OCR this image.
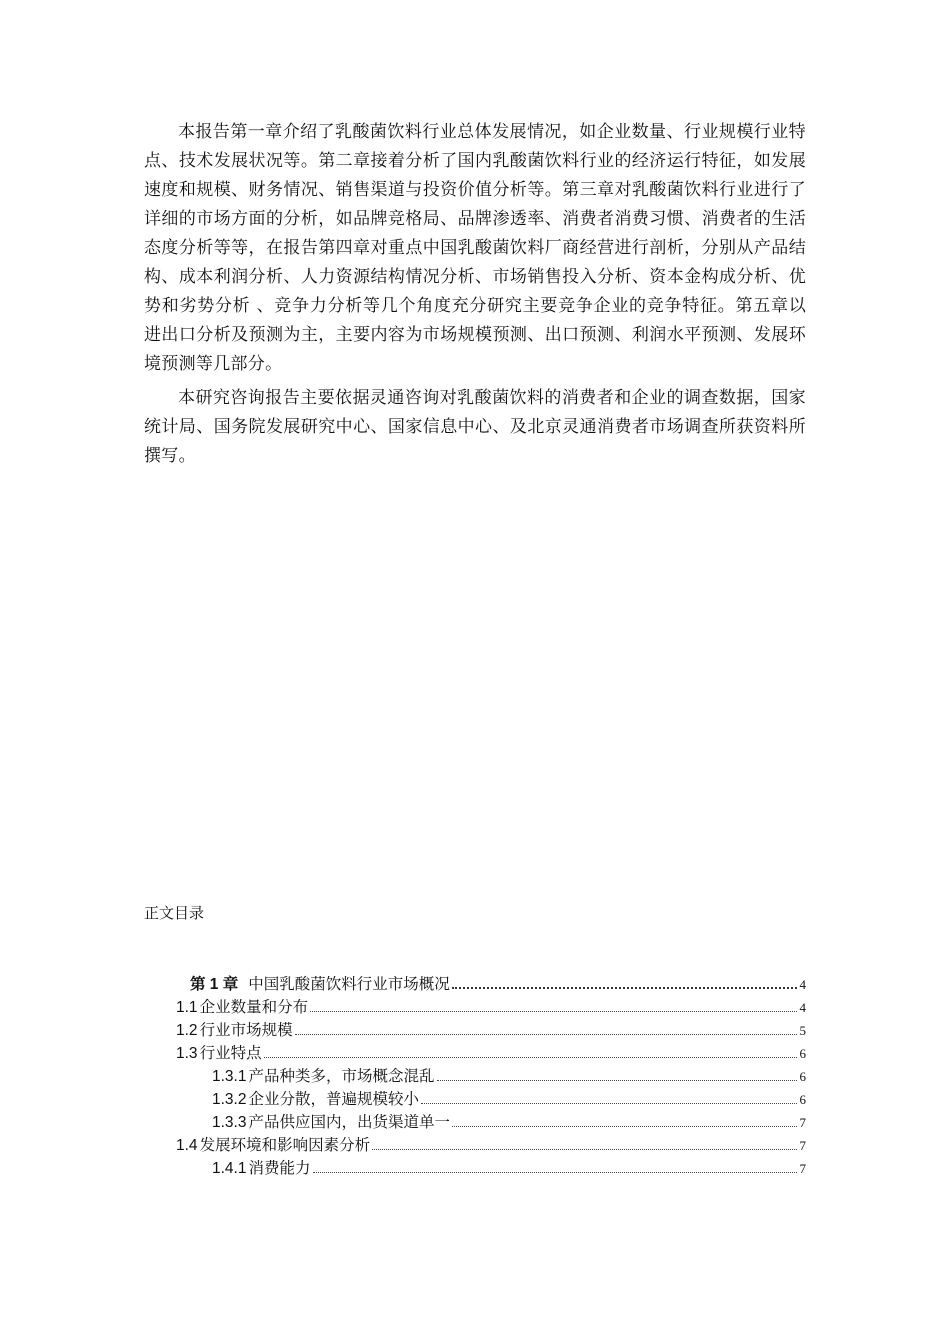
本报告第一章介绍了乳酸菌饮料行业总体发展情况，如企业数量、行业规模行业特点、技术发展状况等。第二章接着分析了国内乳酸菌饮料行业的经济运行特征，如发展速度和规模、财务情况、销售渠道与投资价值分析等。第三章对乳酸菌饮料行业进行了详细的市场方面的分析，如品牌竞格局、品牌渗透率、消费者消费习惯、消费者的生活态度分析等等，在报告第四章对重点中国乳酸菌饮料厂商经营进行剖析，分别从产品结构、成本利润分析、人力资源结构情况分析、市场销售投入分析、资本金构成分析、优势和劣势分析 、竞争力分析等几个角度充分研究主要竞争企业的竞争特征。第五章以进出口分析及预测为主，主要内容为市场规模预测、出口预测、利润水平预测、发展环境预测等几部分。

本研究咨询报告主要依据灵通咨询对乳酸菌饮料的消费者和企业的调查数据，国家统计局、国务院发展研究中心、国家信息中心、及北京灵通消费者市场调查所获资料所撰写。

正文目录
第 1 章 中国乳酸菌饮料行业市场概况	4
1.1 企业数量和分布	4
1.2 行业市场规模	5
1.3 行业特点	6
1.3.1 产品种类多，市场概念混乱	6
1.3.2 企业分散，普遍规模较小	6
1.3.3 产品供应国内，出货渠道单一	7
1.4 发展环境和影响因素分析	7
1.4.1 消费能力	7
